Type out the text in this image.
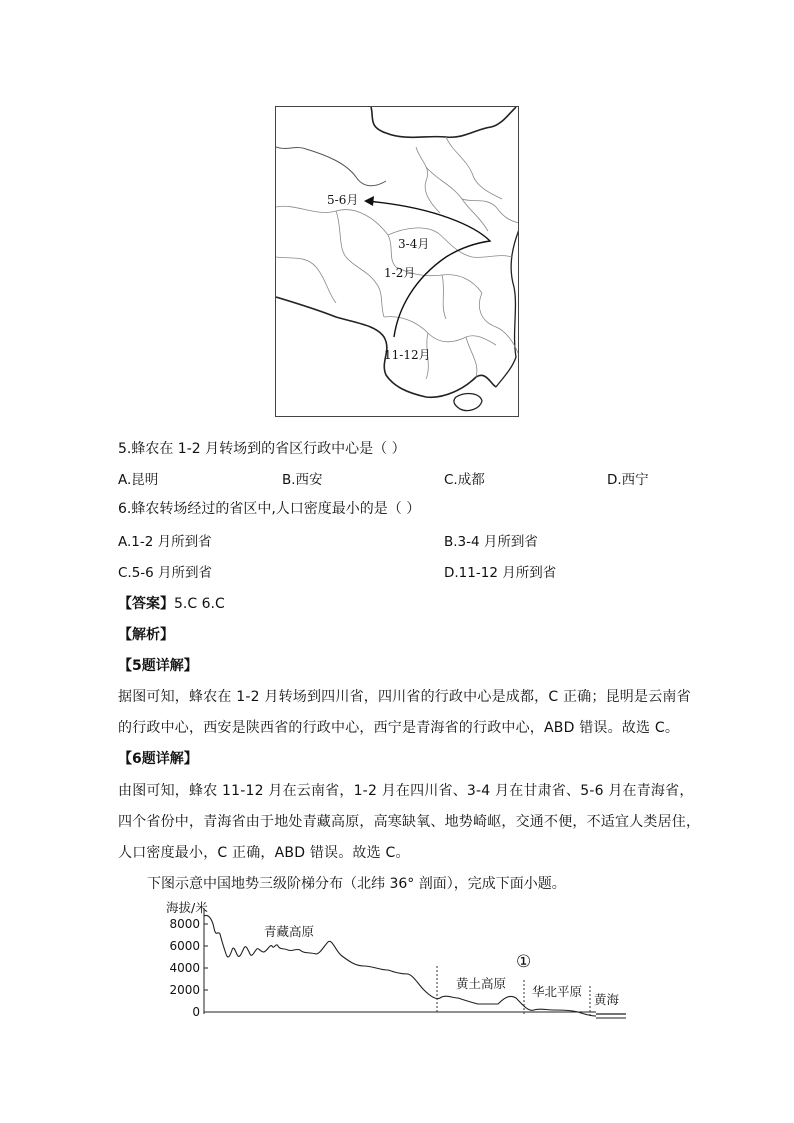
5-6月
3-4月
1-2月
11-12月
5.蜂农在 1-2 月转场到的省区行政中心是（ ）
A.昆明	B.西安	C.成都	D.西宁
6.蜂农转场经过的省区中,人口密度最小的是（ ）
A.1-2 月所到省	B.3-4 月所到省
C.5-6 月所到省	D.11-12 月所到省
【答案】5.C 6.C
【解析】
【5题详解】
据图可知，蜂农在 1-2 月转场到四川省，四川省的行政中心是成都，C 正确；昆明是云南省
的行政中心，西安是陕西省的行政中心，西宁是青海省的行政中心，ABD 错误。故选 C。
【6题详解】
由图可知，蜂农 11-12 月在云南省，1-2 月在四川省、3-4 月在甘肃省、5-6 月在青海省，
四个省份中，青海省由于地处青藏高原，高寒缺氧、地势崎岖，交通不便，不适宜人类居住，
人口密度最小，C 正确，ABD 错误。故选 C。
下图示意中国地势三级阶梯分布（北纬 36° 剖面），完成下面小题。
海拔/米
8000
6000
4000
2000
0
青藏高原
黄土高原
①
华北平原
黄海
